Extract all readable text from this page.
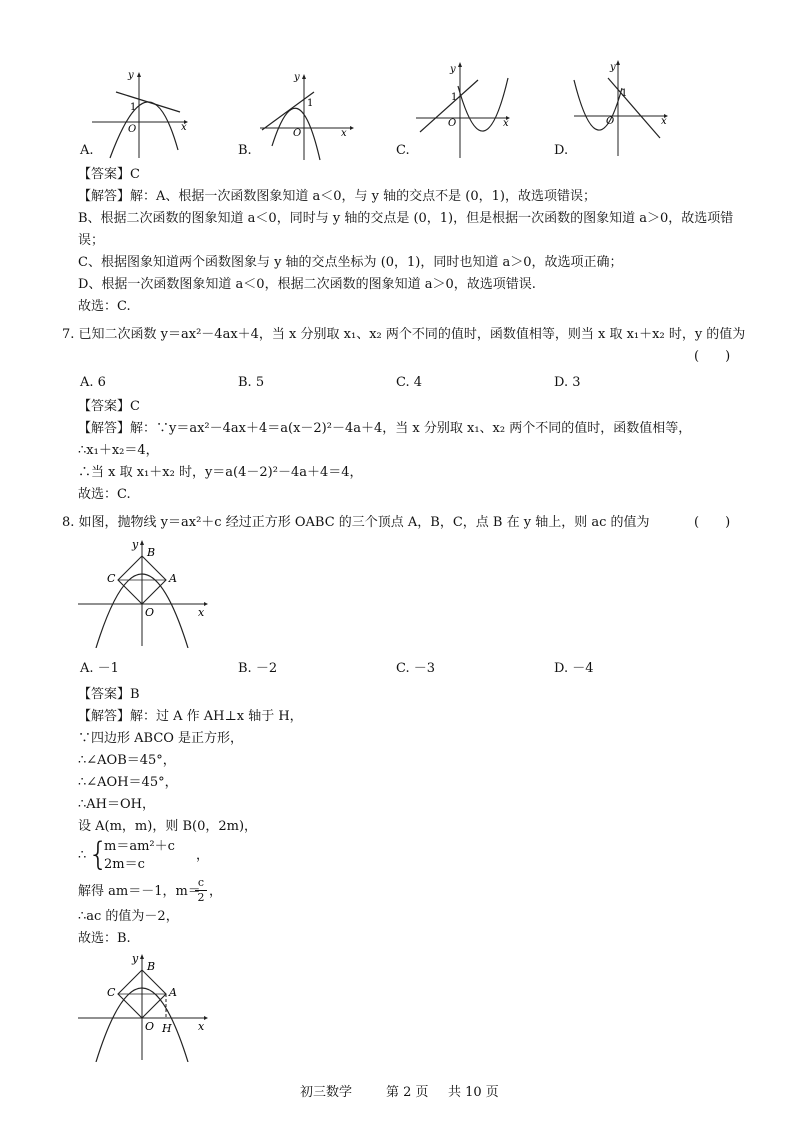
y
x
O
1
y
x
O
1
y
x
O
1
y
x
O
1
A.	B.	C.	D.
【答案】C
【解答】解：A、根据一次函数图象知道 a＜0，与 y 轴的交点不是 (0，1)，故选项错误；
B、根据二次函数的图象知道 a＜0，同时与 y 轴的交点是 (0，1)，但是根据一次函数的图象知道 a＞0，故选项错
误；
C、根据图象知道两个函数图象与 y 轴的交点坐标为 (0，1)，同时也知道 a＞0，故选项正确；
D、根据一次函数图象知道 a＜0，根据二次函数的图象知道 a＞0，故选项错误.
故选：C.
7. 已知二次函数 y＝ax²－4ax＋4，当 x 分别取 x₁、x₂ 两个不同的值时，函数值相等，则当 x 取 x₁＋x₂ 时，y 的值为
(　　)
A. 6	B. 5	C. 4	D. 3
【答案】C
【解答】解：∵y＝ax²－4ax＋4＝a(x－2)²－4a＋4，当 x 分别取 x₁、x₂ 两个不同的值时，函数值相等，
∴x₁＋x₂＝4，
∴当 x 取 x₁＋x₂ 时，y＝a(4－2)²－4a＋4＝4，
故选：C.
8. 如图，抛物线 y＝ax²＋c 经过正方形 OABC 的三个顶点 A，B，C，点 B 在 y 轴上，则 ac 的值为	(　　)
y
x
O
A
B
C
A. －1	B. －2	C. －3	D. －4
【答案】B
【解答】解：过 A 作 AH⊥x 轴于 H，
∵四边形 ABCO 是正方形，
∴∠AOB＝45°，
∴∠AOH＝45°，
∴AH＝OH，
设 A(m，m)，则 B(0，2m)，
∴ {
m＝am²＋c
2m＝c
，
解得 am＝－1，m＝
c
2 ，
∴ac 的值为－2，
故选：B.
y
x
O
A
B
C
H
初三数学	第 2 页 共 10 页
